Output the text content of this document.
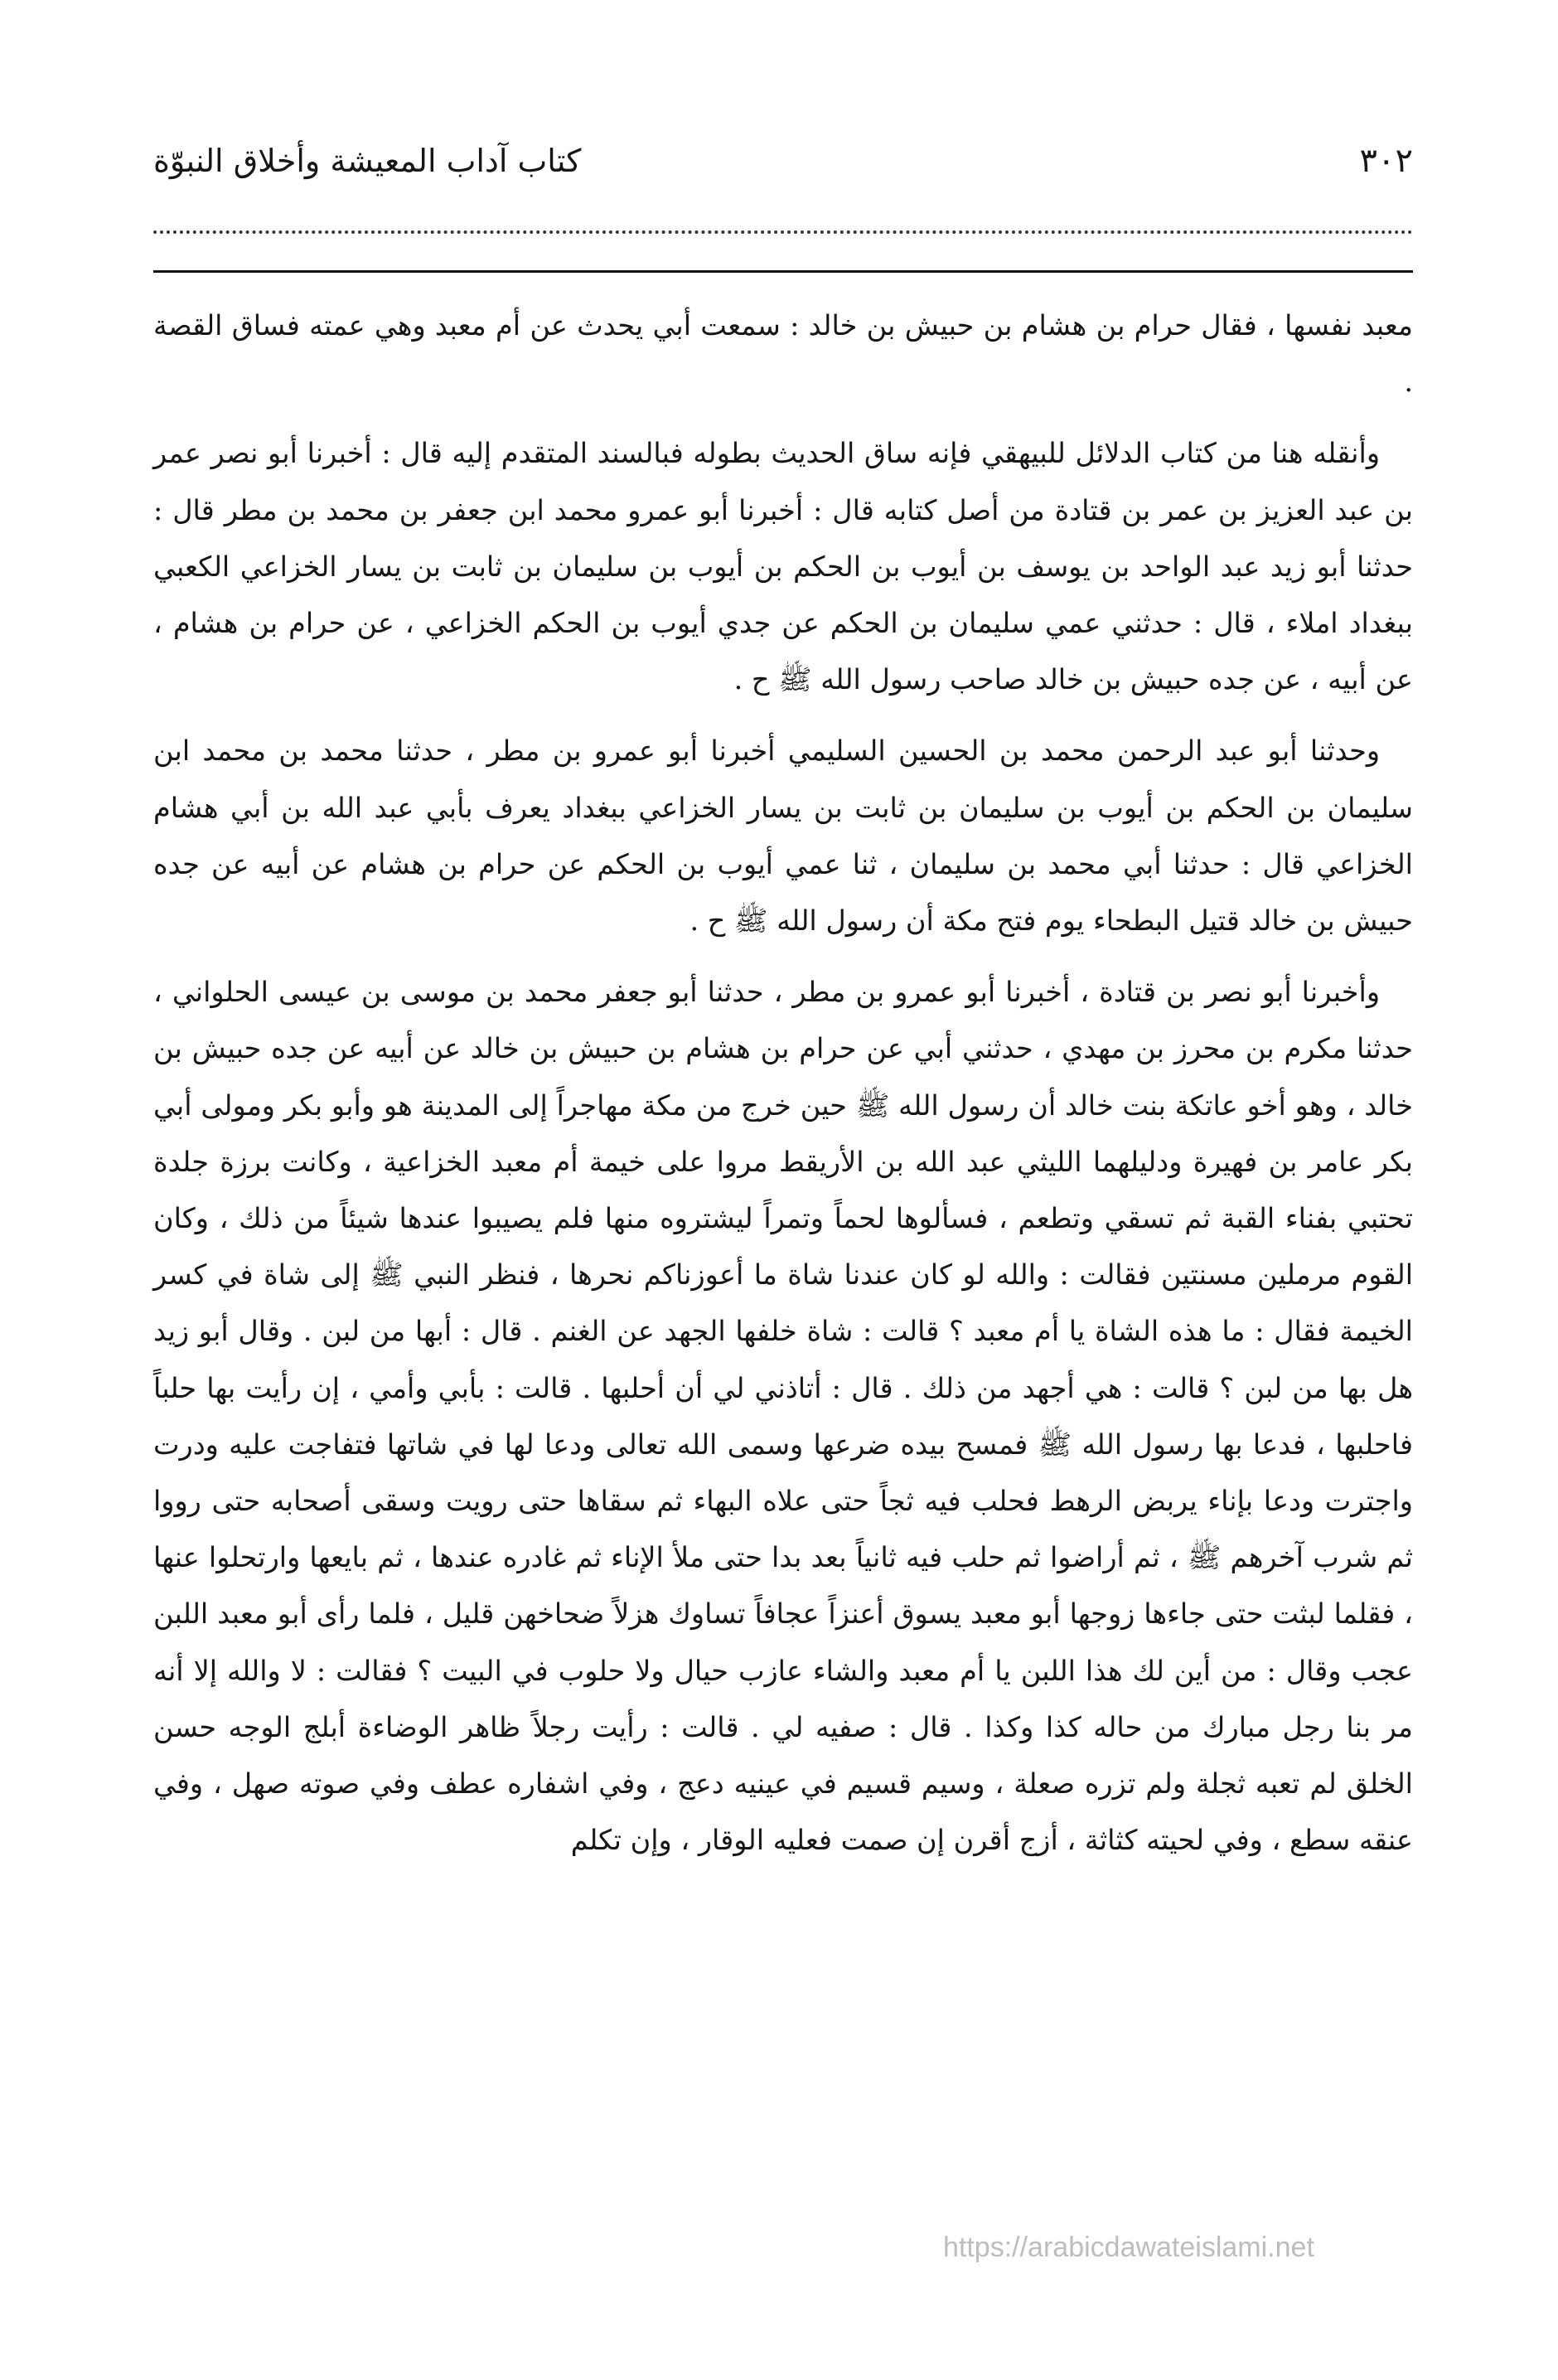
٣٠٢
كتاب آداب المعيشة وأخلاق النبوّة

معبد نفسها ، فقال حرام بن هشام بن حبيش بن خالد : سمعت أبي يحدث عن أم معبد وهي عمته فساق القصة .

وأنقله هنا من كتاب الدلائل للبيهقي فإنه ساق الحديث بطوله فبالسند المتقدم إليه قال : أخبرنا أبو نصر عمر بن عبد العزيز بن عمر بن قتادة من أصل كتابه قال : أخبرنا أبو عمرو محمد ابن جعفر بن محمد بن مطر قال : حدثنا أبو زيد عبد الواحد بن يوسف بن أيوب بن الحكم بن أيوب بن سليمان بن ثابت بن يسار الخزاعي الكعبي ببغداد املاء ، قال : حدثني عمي سليمان بن الحكم عن جدي أيوب بن الحكم الخزاعي ، عن حرام بن هشام ، عن أبيه ، عن جده حبيش بن خالد صاحب رسول الله ﷺ ح .

وحدثنا أبو عبد الرحمن محمد بن الحسين السليمي أخبرنا أبو عمرو بن مطر ، حدثنا محمد بن محمد ابن سليمان بن الحكم بن أيوب بن سليمان بن ثابت بن يسار الخزاعي ببغداد يعرف بأبي عبد الله بن أبي هشام الخزاعي قال : حدثنا أبي محمد بن سليمان ، ثنا عمي أيوب بن الحكم عن حرام بن هشام عن أبيه عن جده حبيش بن خالد قتيل البطحاء يوم فتح مكة أن رسول الله ﷺ ح .

وأخبرنا أبو نصر بن قتادة ، أخبرنا أبو عمرو بن مطر ، حدثنا أبو جعفر محمد بن موسى بن عيسى الحلواني ، حدثنا مكرم بن محرز بن مهدي ، حدثني أبي عن حرام بن هشام بن حبيش بن خالد عن أبيه عن جده حبيش بن خالد ، وهو أخو عاتكة بنت خالد أن رسول الله ﷺ حين خرج من مكة مهاجراً إلى المدينة هو وأبو بكر ومولى أبي بكر عامر بن فهيرة ودليلهما الليثي عبد الله بن الأريقط مروا على خيمة أم معبد الخزاعية ، وكانت برزة جلدة تحتبي بفناء القبة ثم تسقي وتطعم ، فسألوها لحماً وتمراً ليشتروه منها فلم يصيبوا عندها شيئاً من ذلك ، وكان القوم مرملين مسنتين فقالت : والله لو كان عندنا شاة ما أعوزناكم نحرها ، فنظر النبي ﷺ إلى شاة في كسر الخيمة فقال : ما هذه الشاة يا أم معبد ؟ قالت : شاة خلفها الجهد عن الغنم . قال : أبها من لبن . وقال أبو زيد هل بها من لبن ؟ قالت : هي أجهد من ذلك . قال : أتاذني لي أن أحلبها . قالت : بأبي وأمي ، إن رأيت بها حلباً فاحلبها ، فدعا بها رسول الله ﷺ فمسح بيده ضرعها وسمى الله تعالى ودعا لها في شاتها فتفاجت عليه ودرت واجترت ودعا بإناء يربض الرهط فحلب فيه ثجاً حتى علاه البهاء ثم سقاها حتى رويت وسقى أصحابه حتى رووا ثم شرب آخرهم ﷺ ، ثم أراضوا ثم حلب فيه ثانياً بعد بدا حتى ملأ الإناء ثم غادره عندها ، ثم بايعها وارتحلوا عنها ، فقلما لبثت حتى جاءها زوجها أبو معبد يسوق أعنزاً عجافاً تساوك هزلاً ضحاخهن قليل ، فلما رأى أبو معبد اللبن عجب وقال : من أين لك هذا اللبن يا أم معبد والشاء عازب حيال ولا حلوب في البيت ؟ فقالت : لا والله إلا أنه مر بنا رجل مبارك من حاله كذا وكذا . قال : صفيه لي . قالت : رأيت رجلاً ظاهر الوضاءة أبلج الوجه حسن الخلق لم تعبه ثجلة ولم تزره صعلة ، وسيم قسيم في عينيه دعج ، وفي اشفاره عطف وفي صوته صهل ، وفي عنقه سطع ، وفي لحيته كثاثة ، أزج أقرن إن صمت فعليه الوقار ، وإن تكلم

https://arabicdawateislami.net
